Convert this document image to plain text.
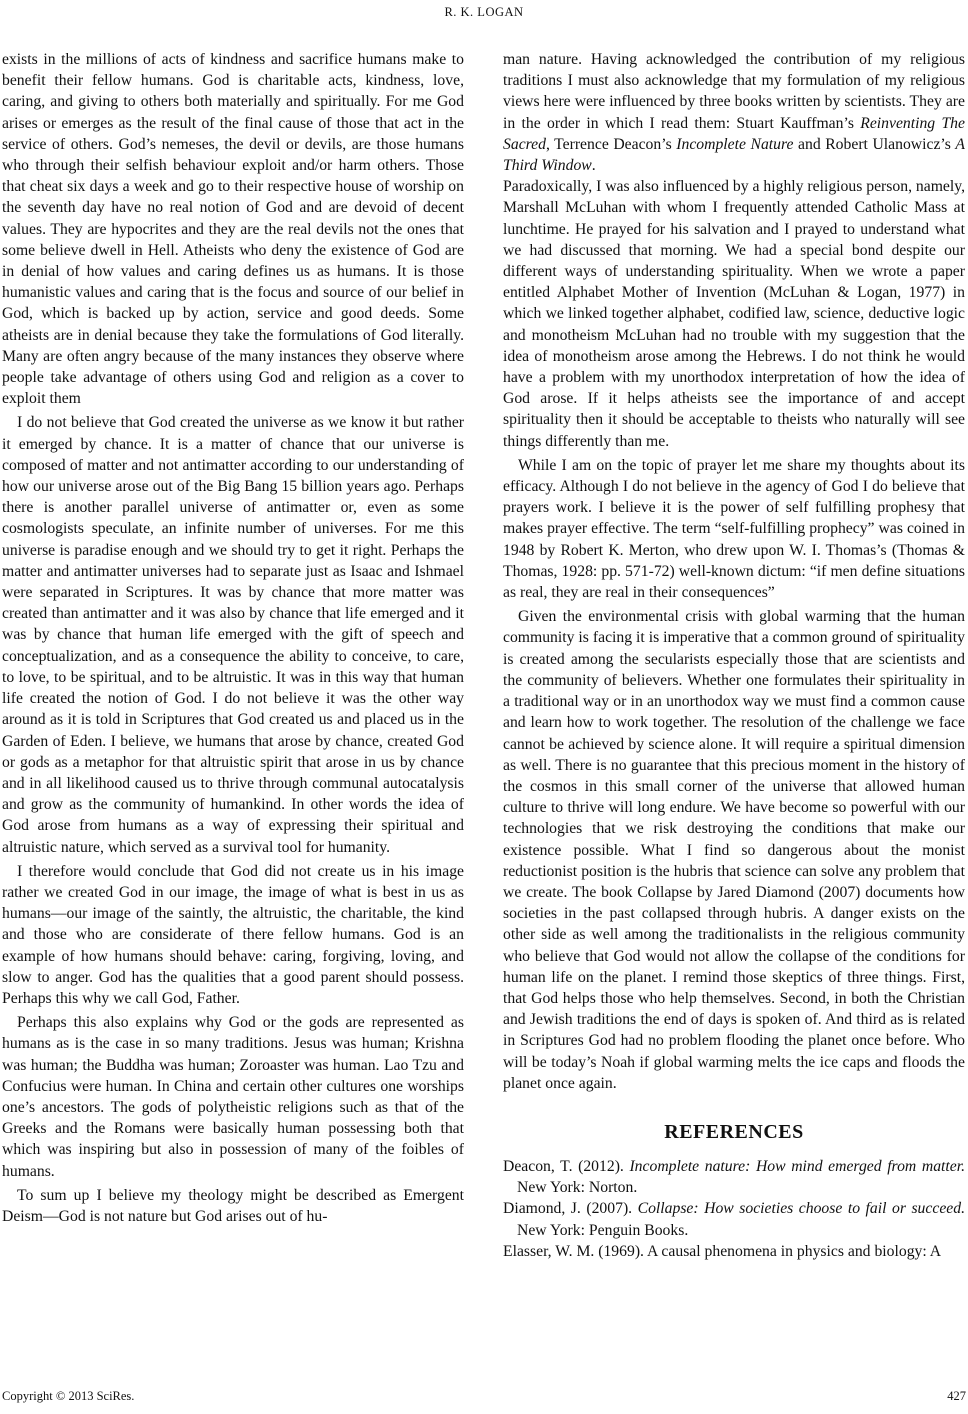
R. K. LOGAN

exists in the millions of acts of kindness and sacrifice humans make to benefit their fellow humans. God is charitable acts, kindness, love, caring, and giving to others both materially and spiritually. For me God arises or emerges as the result of the final cause of those that act in the service of others. God’s nemeses, the devil or devils, are those humans who through their selfish behaviour exploit and/or harm others. Those that cheat six days a week and go to their respective house of worship on the seventh day have no real notion of God and are devoid of decent values. They are hypocrites and they are the real devils not the ones that some believe dwell in Hell. Atheists who deny the existence of God are in denial of how values and caring defines us as humans. It is those humanistic values and caring that is the focus and source of our belief in God, which is backed up by action, service and good deeds. Some atheists are in denial because they take the formulations of God literally. Many are often angry because of the many instances they observe where people take advantage of others using God and religion as a cover to exploit them

I do not believe that God created the universe as we know it but rather it emerged by chance. It is a matter of chance that our universe is composed of matter and not antimatter according to our understanding of how our universe arose out of the Big Bang 15 billion years ago. Perhaps there is another parallel universe of antimatter or, even as some cosmologists speculate, an infinite number of universes. For me this universe is paradise enough and we should try to get it right. Perhaps the matter and antimatter universes had to separate just as Isaac and Ishmael were separated in Scriptures. It was by chance that more matter was created than antimatter and it was also by chance that life emerged and it was by chance that human life emerged with the gift of speech and conceptualization, and as a consequence the ability to conceive, to care, to love, to be spiritual, and to be altruistic. It was in this way that human life created the notion of God. I do not believe it was the other way around as it is told in Scriptures that God created us and placed us in the Garden of Eden. I believe, we humans that arose by chance, created God or gods as a metaphor for that altruistic spirit that arose in us by chance and in all likelihood caused us to thrive through communal autocatalysis and grow as the community of humankind. In other words the idea of God arose from humans as a way of expressing their spiritual and altruistic nature, which served as a survival tool for humanity.

I therefore would conclude that God did not create us in his image rather we created God in our image, the image of what is best in us as humans—our image of the saintly, the altruistic, the charitable, the kind and those who are considerate of there fellow humans. God is an example of how humans should behave: caring, forgiving, loving, and slow to anger. God has the qualities that a good parent should possess. Perhaps this why we call God, Father.

Perhaps this also explains why God or the gods are represented as humans as is the case in so many traditions. Jesus was human; Krishna was human; the Buddha was human; Zoroaster was human. Lao Tzu and Confucius were human. In China and certain other cultures one worships one’s ancestors. The gods of polytheistic religions such as that of the Greeks and the Romans were basically human possessing both that which was inspiring but also in possession of many of the foibles of humans.

To sum up I believe my theology might be described as Emergent Deism—God is not nature but God arises out of hu-

man nature. Having acknowledged the contribution of my religious traditions I must also acknowledge that my formulation of my religious views here were influenced by three books written by scientists. They are in the order in which I read them: Stuart Kauffman’s Reinventing The Sacred, Terrence Deacon’s Incomplete Nature and Robert Ulanowicz’s A Third Window.

Paradoxically, I was also influenced by a highly religious person, namely, Marshall McLuhan with whom I frequently attended Catholic Mass at lunchtime. He prayed for his salvation and I prayed to understand what we had discussed that morning. We had a special bond despite our different ways of understanding spirituality. When we wrote a paper entitled Alphabet Mother of Invention (McLuhan & Logan, 1977) in which we linked together alphabet, codified law, science, deductive logic and monotheism McLuhan had no trouble with my suggestion that the idea of monotheism arose among the Hebrews. I do not think he would have a problem with my unorthodox interpretation of how the idea of God arose. If it helps atheists see the importance of and accept spirituality then it should be acceptable to theists who naturally will see things differently than me.

While I am on the topic of prayer let me share my thoughts about its efficacy. Although I do not believe in the agency of God I do believe that prayers work. I believe it is the power of self fulfilling prophesy that makes prayer effective. The term “self-fulfilling prophecy” was coined in 1948 by Robert K. Merton, who drew upon W. I. Thomas’s (Thomas & Thomas, 1928: pp. 571-72) well-known dictum: “if men define situations as real, they are real in their consequences”

Given the environmental crisis with global warming that the human community is facing it is imperative that a common ground of spirituality is created among the secularists especially those that are scientists and the community of believers. Whether one formulates their spirituality in a traditional way or in an unorthodox way we must find a common cause and learn how to work together. The resolution of the challenge we face cannot be achieved by science alone. It will require a spiritual dimension as well. There is no guarantee that this precious moment in the history of the cosmos in this small corner of the universe that allowed human culture to thrive will long endure. We have become so powerful with our technologies that we risk destroying the conditions that make our existence possible. What I find so dangerous about the monist reductionist position is the hubris that science can solve any problem that we create. The book Collapse by Jared Diamond (2007) documents how societies in the past collapsed through hubris. A danger exists on the other side as well among the traditionalists in the religious community who believe that God would not allow the collapse of the conditions for human life on the planet. I remind those skeptics of three things. First, that God helps those who help themselves. Second, in both the Christian and Jewish traditions the end of days is spoken of. And third as is related in Scriptures God had no problem flooding the planet once before. Who will be today’s Noah if global warming melts the ice caps and floods the planet once again.

REFERENCES

Deacon, T. (2012). Incomplete nature: How mind emerged from matter. New York: Norton.

Diamond, J. (2007). Collapse: How societies choose to fail or succeed. New York: Penguin Books.

Elasser, W. M. (1969). A causal phenomena in physics and biology: A

Copyright © 2013 SciRes.	427
